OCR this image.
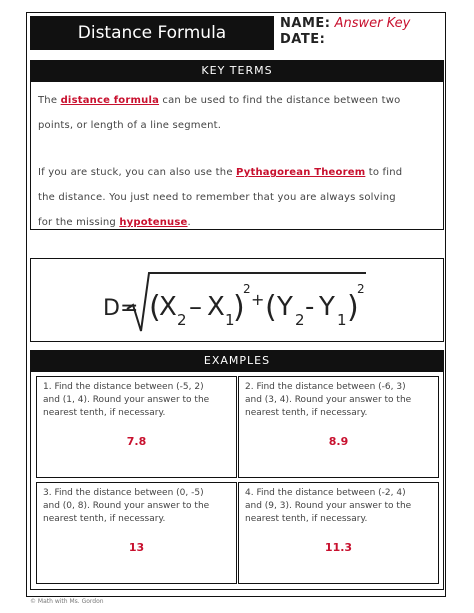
Distance Formula	NAME: Answer Key
DATE:
KEY TERMS
The distance formula can be used to find the distance between two
points, or length of a line segment.
If you are stuck, you can also use the Pythagorean Theorem to find
the distance. You just need to remember that you are always solving
for the missing hypotenuse.
D= (
X 2 – X 1
)
2
+ ( Y 2 - Y 1 )
2
EXAMPLES
1. Find the distance between (-5, 2)
and (1, 4). Round your answer to the
nearest tenth, if necessary.
7.8
2. Find the distance between (-6, 3)
and (3, 4). Round your answer to the
nearest tenth, if necessary.
8.9
3. Find the distance between (0, -5)
and (0, 8). Round your answer to the
nearest tenth, if necessary.
13
4. Find the distance between (-2, 4)
and (9, 3). Round your answer to the
nearest tenth, if necessary.
11.3
© Math with Ms. Gordon
